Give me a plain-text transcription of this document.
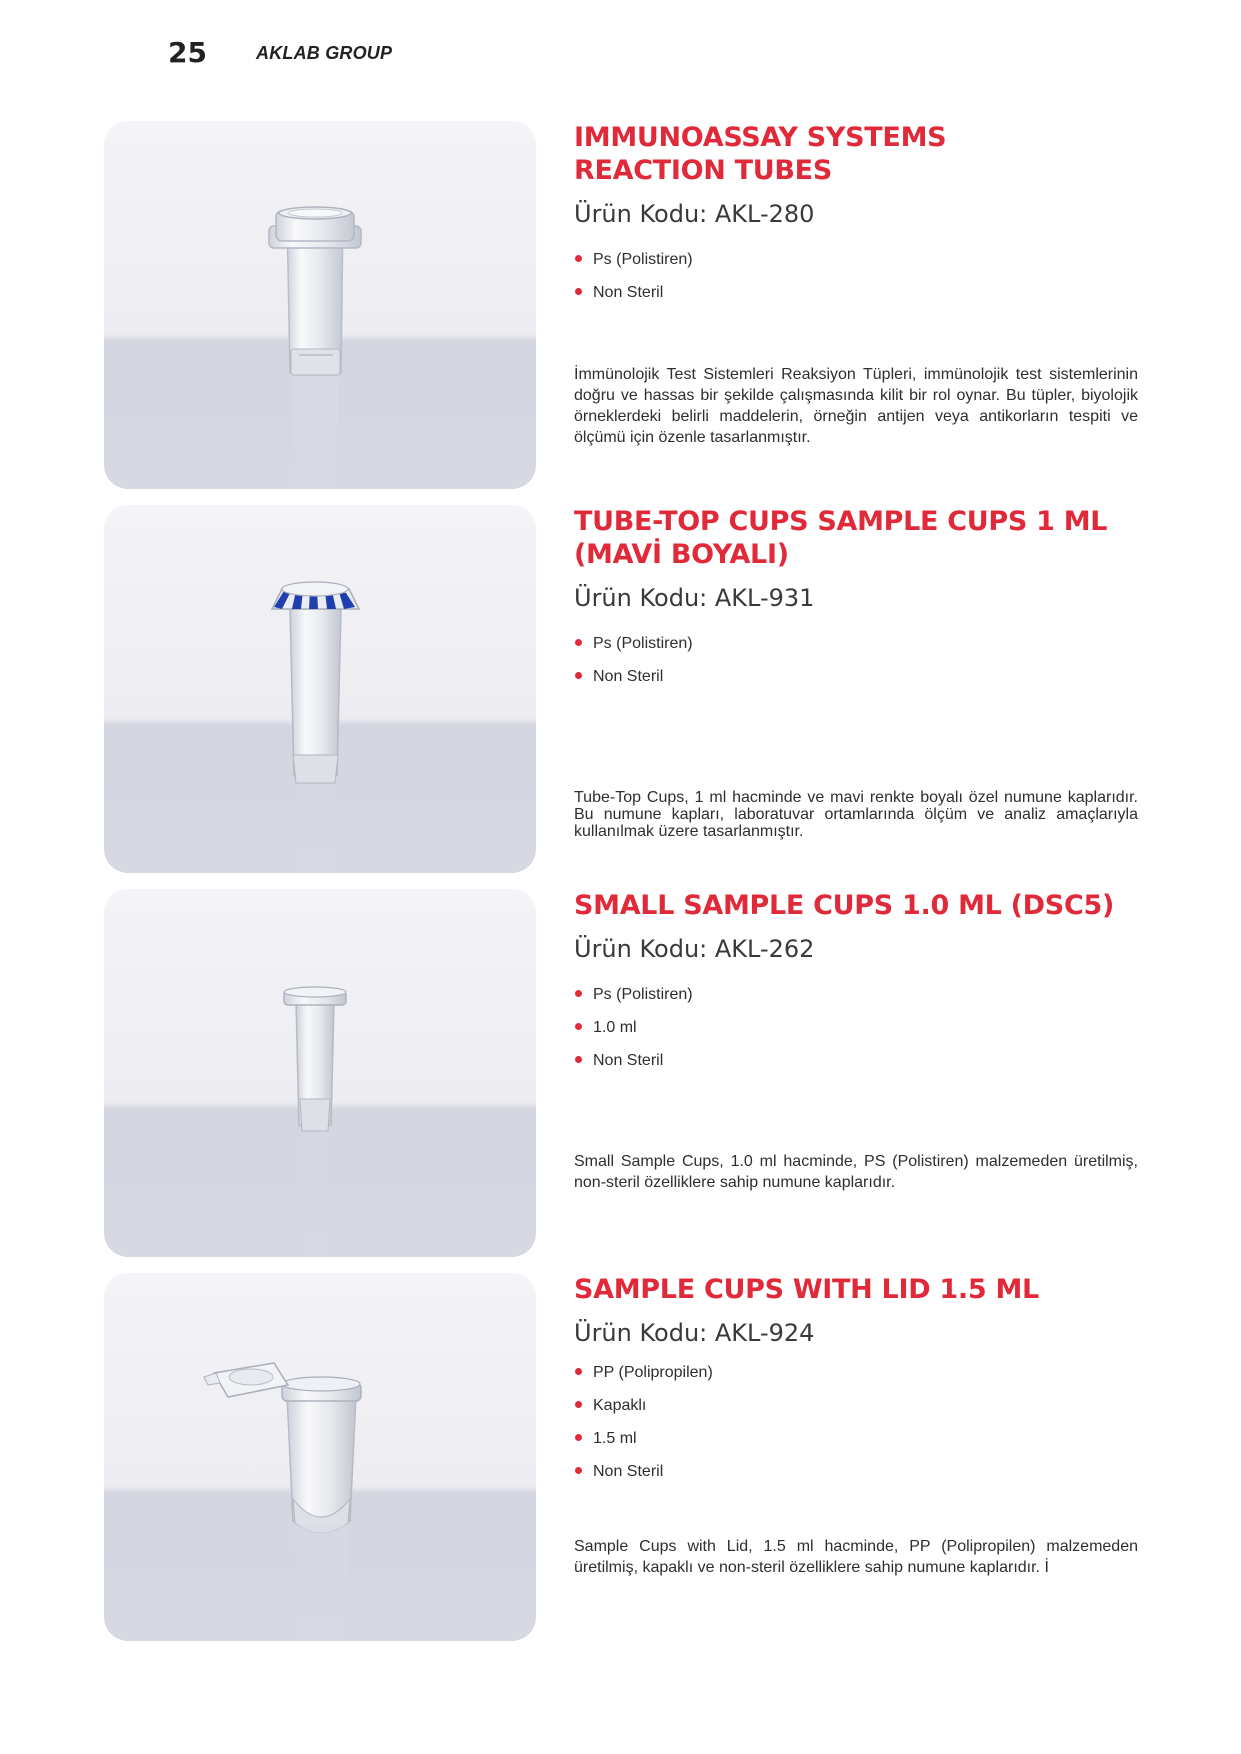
25	AKLAB GROUP
IMMUNOASSAY SYSTEMS
REACTION TUBES
Ürün Kodu: AKL-280
Ps (Polistiren)
Non Steril

İmmünolojik Test Sistemleri Reaksiyon Tüpleri, immünolojik test sistemlerinin doğru ve hassas bir şekilde çalışmasında kilit bir rol oynar. Bu tüpler, biyolojik örneklerdeki belirli maddelerin, örneğin antijen veya antikorların tespiti ve ölçümü için özenle tasarlanmıştır.

TUBE-TOP CUPS SAMPLE CUPS 1 ML
(MAVİ BOYALI)
Ürün Kodu: AKL-931
Ps (Polistiren)
Non Steril

Tube-Top Cups, 1 ml hacminde ve mavi renkte boyalı özel numune kaplarıdır. Bu numune kapları, laboratuvar ortamlarında ölçüm ve analiz amaçlarıyla kullanılmak üzere tasarlanmıştır.

SMALL SAMPLE CUPS 1.0 ML (DSC5)
Ürün Kodu: AKL-262
Ps (Polistiren)
1.0 ml
Non Steril

Small Sample Cups, 1.0 ml hacminde, PS (Polistiren) malzemeden üretilmiş, non-steril özelliklere sahip numune kaplarıdır.

SAMPLE CUPS WITH LID 1.5 ML
Ürün Kodu: AKL-924
PP (Polipropilen)
Kapaklı
1.5 ml
Non Steril

Sample Cups with Lid, 1.5 ml hacminde, PP (Polipropilen) malzemeden üretilmiş, kapaklı ve non-steril özelliklere sahip numune kaplarıdır. İ
